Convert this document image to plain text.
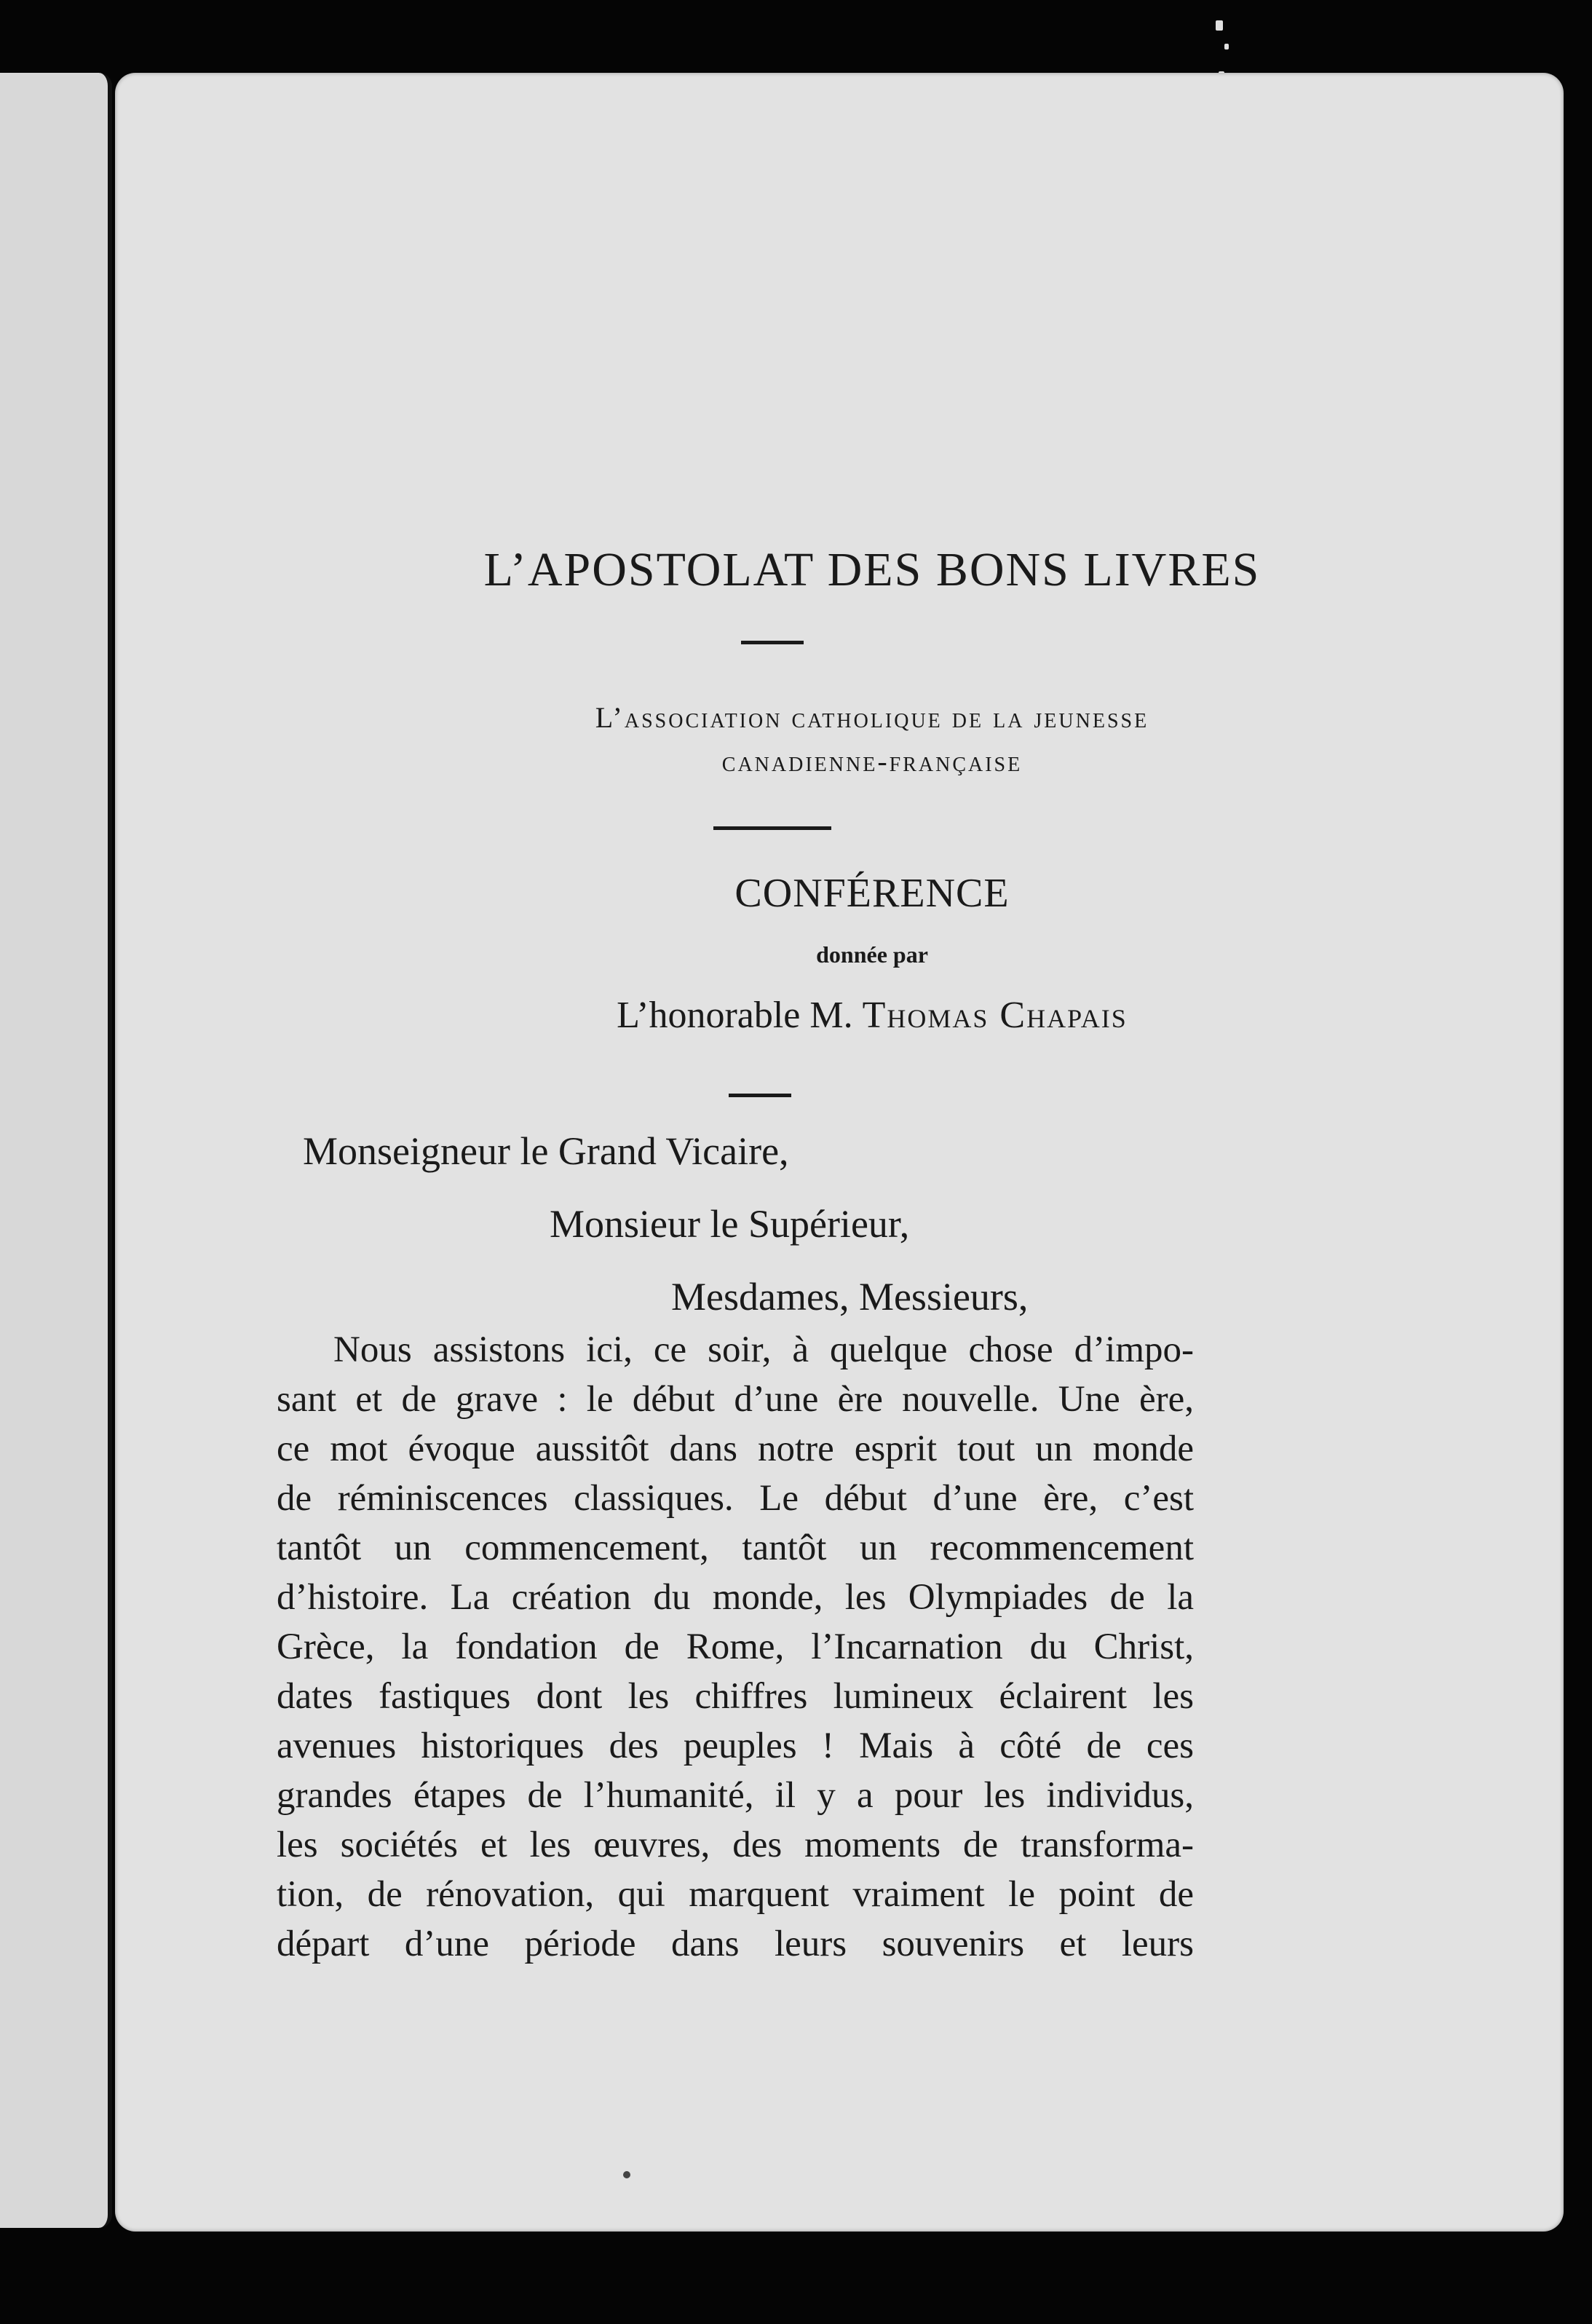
L’APOSTOLAT DES BONS LIVRES
L’association catholique de la jeunesse
canadienne-française
CONFÉRENCE
donnée par
L’honorable M. Thomas Chapais
Monseigneur le Grand Vicaire,
Monsieur le Supérieur,
Mesdames, Messieurs,
Nous assistons ici, ce soir, à quelque chose d’impo-
sant et de grave : le début d’une ère nouvelle. Une ère,
ce mot évoque aussitôt dans notre esprit tout un monde
de réminiscences classiques. Le début d’une ère, c’est
tantôt un commencement, tantôt un recommencement
d’histoire. La création du monde, les Olympiades de la
Grèce, la fondation de Rome, l’Incarnation du Christ,
dates fastiques dont les chiffres lumineux éclairent les
avenues historiques des peuples ! Mais à côté de ces
grandes étapes de l’humanité, il y a pour les individus,
les sociétés et les œuvres, des moments de transforma-
tion, de rénovation, qui marquent vraiment le point de
départ d’une période dans leurs souvenirs et leurs
